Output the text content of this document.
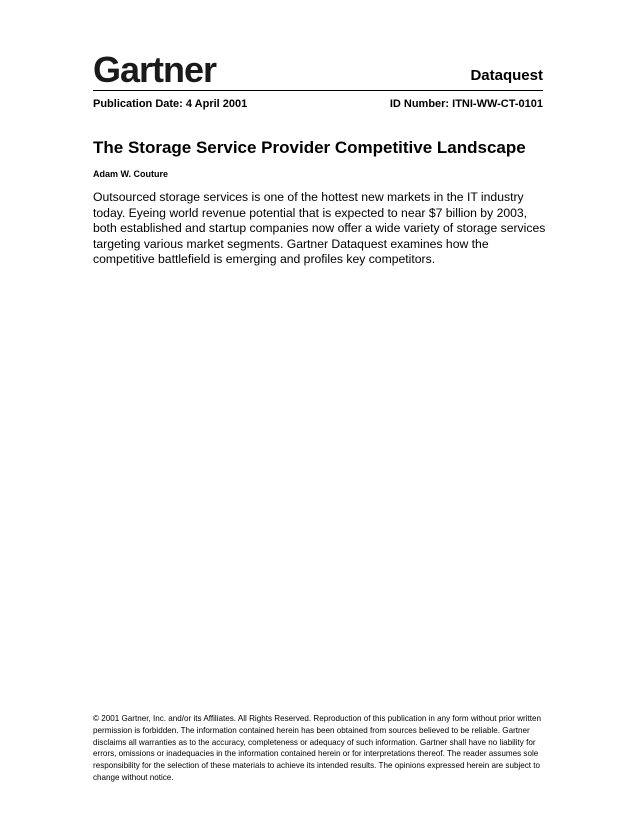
Gartner	Dataquest
Publication Date: 4 April 2001	ID Number: ITNI-WW-CT-0101
The Storage Service Provider Competitive Landscape
Adam W. Couture
Outsourced storage services is one of the hottest new markets in the IT industry today. Eyeing world revenue potential that is expected to near $7 billion by 2003, both established and startup companies now offer a wide variety of storage services targeting various market segments. Gartner Dataquest examines how the competitive battlefield is emerging and profiles key competitors.
© 2001 Gartner, Inc. and/or its Affiliates. All Rights Reserved. Reproduction of this publication in any form without prior written permission is forbidden. The information contained herein has been obtained from sources believed to be reliable. Gartner disclaims all warranties as to the accuracy, completeness or adequacy of such information. Gartner shall have no liability for errors, omissions or inadequacies in the information contained herein or for interpretations thereof. The reader assumes sole responsibility for the selection of these materials to achieve its intended results. The opinions expressed herein are subject to change without notice.
